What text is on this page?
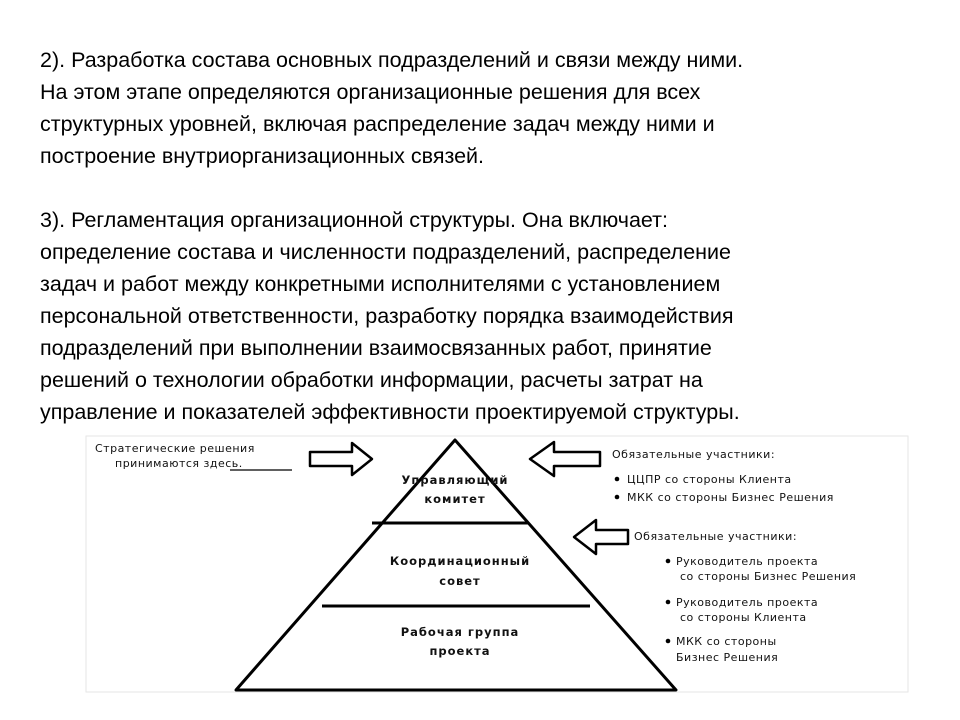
2). Разработка состава основных подразделений и связи между ними.
На этом этапе определяются организационные решения для всех
структурных уровней, включая распределение задач между ними и
построение внутриорганизационных связей.

3). Регламентация организационной структуры. Она включает:
определение состава и численности подразделений, распределение
задач и работ между конкретными исполнителями с установлением
персональной ответственности, разработку порядка взаимодействия
подразделений при выполнении взаимосвязанных работ, принятие
решений о технологии обработки информации, расчеты затрат на
управление и показателей эффективности проектируемой структуры.

Управляющий
комитет
Координационный
совет
Рабочая группа
проекта
Стратегические решения
принимаются здесь.
Обязательные участники:
ЦЦПР со стороны Клиента
МКК со стороны Бизнес Решения
Обязательные участники:
Руководитель проекта
со стороны Бизнес Решения
Руководитель проекта
со стороны Клиента
МКК со стороны
Бизнес Решения
